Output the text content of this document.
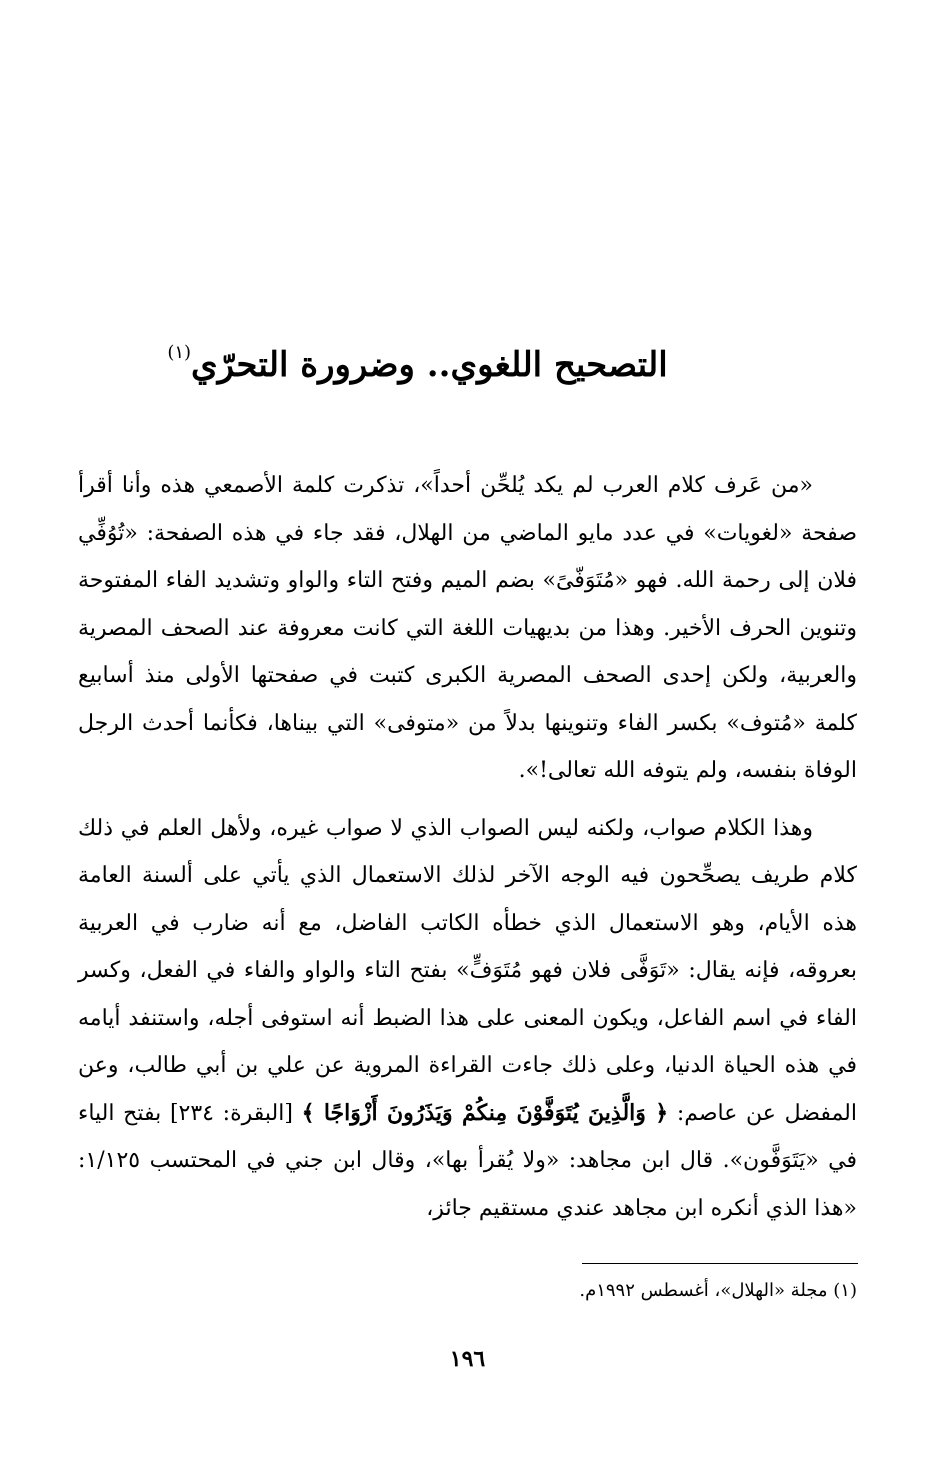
التصحيح اللغوي.. وضرورة التحرّي$^{(١)}$

«من عَرف كلام العرب لم يكد يُلحِّن أحداً»، تذكرت كلمة الأصمعي هذه وأنا أقرأ صفحة «لغويات» في عدد مايو الماضي من الهلال، فقد جاء في هذه الصفحة: «تُوُفِّي فلان إلى رحمة الله. فهو «مُتَوَفّىً» بضم الميم وفتح التاء والواو وتشديد الفاء المفتوحة وتنوين الحرف الأخير. وهذا من بديهيات اللغة التي كانت معروفة عند الصحف المصرية والعربية، ولكن إحدى الصحف المصرية الكبرى كتبت في صفحتها الأولى منذ أسابيع كلمة «مُتوف» بكسر الفاء وتنوينها بدلاً من «متوفى» التي بيناها، فكأنما أحدث الرجل الوفاة بنفسه، ولم يتوفه الله تعالى!».

وهذا الكلام صواب، ولكنه ليس الصواب الذي لا صواب غيره، ولأهل العلم في ذلك كلام طريف يصحِّحون فيه الوجه الآخر لذلك الاستعمال الذي يأتي على ألسنة العامة هذه الأيام، وهو الاستعمال الذي خطأه الكاتب الفاضل، مع أنه ضارب في العربية بعروقه، فإنه يقال: «تَوَفَّى فلان فهو مُتَوَفٍّ» بفتح التاء والواو والفاء في الفعل، وكسر الفاء في اسم الفاعل، ويكون المعنى على هذا الضبط أنه استوفى أجله، واستنفد أيامه في هذه الحياة الدنيا، وعلى ذلك جاءت القراءة المروية عن علي بن أبي طالب، وعن المفضل عن عاصم: ﴿ وَالَّذِينَ يُتَوَفَّوْنَ مِنكُمْ وَيَذَرُونَ أَزْوَاجًا ﴾ [البقرة: ٢٣٤] بفتح الياء في «يَتَوَفَّون». قال ابن مجاهد: «ولا يُقرأ بها»، وقال ابن جني في المحتسب ١/١٢٥: «هذا الذي أنكره ابن مجاهد عندي مستقيم جائز،

(١) مجلة «الهلال»، أغسطس ١٩٩٢م.
١٩٦
